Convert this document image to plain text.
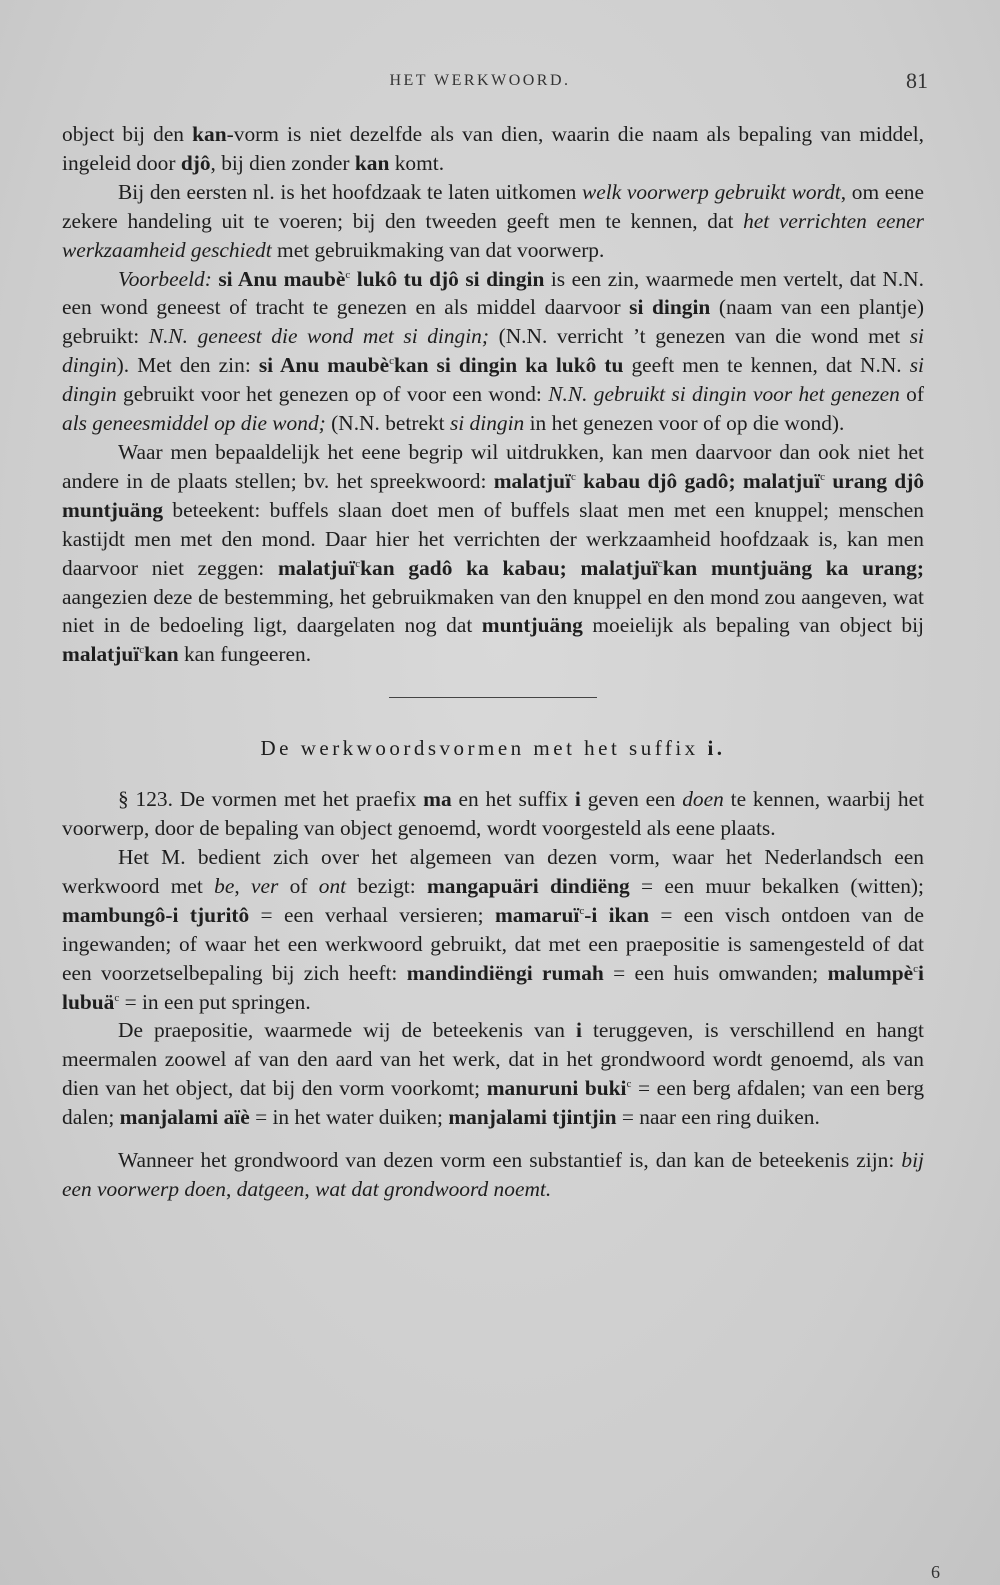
HET WERKWOORD.	81

object bij den kan-vorm is niet dezelfde als van dien, waarin die naam als bepaling van middel, ingeleid door djô, bij dien zonder kan komt.

Bij den eersten nl. is het hoofdzaak te laten uitkomen welk voorwerp gebruikt wordt, om eene zekere handeling uit te voeren; bij den tweeden geeft men te kennen, dat het verrichten eener werkzaamheid geschiedt met gebruikmaking van dat voorwerp.

Voorbeeld: si Anu maubè$^c$ lukô tu djô si dingin is een zin, waarmede men vertelt, dat N.N. een wond geneest of tracht te genezen en als middel daarvoor si dingin (naam van een plantje) gebruikt: N.N. geneest die wond met si dingin; (N.N. verricht ’t genezen van die wond met si dingin). Met den zin: si Anu maubè$^c$kan si dingin ka lukô tu geeft men te kennen, dat N.N. si dingin gebruikt voor het genezen op of voor een wond: N.N. gebruikt si dingin voor het genezen of als geneesmiddel op die wond; (N.N. betrekt si dingin in het genezen voor of op die wond).

Waar men bepaaldelijk het eene begrip wil uitdrukken, kan men daarvoor dan ook niet het andere in de plaats stellen; bv. het spreekwoord: malatjuï$^c$ kabau djô gadô; malatjuï$^c$ urang djô muntjuäng beteekent: buffels slaan doet men of buffels slaat men met een knuppel; menschen kastijdt men met den mond. Daar hier het verrichten der werkzaamheid hoofdzaak is, kan men daarvoor niet zeggen: malatjuï$^c$kan gadô ka kabau; malatjuï$^c$kan muntjuäng ka urang; aangezien deze de bestemming, het gebruikmaken van den knuppel en den mond zou aangeven, wat niet in de bedoeling ligt, daargelaten nog dat muntjuäng moeielijk als bepaling van object bij malatjuï$^c$kan kan fungeeren.

De werkwoordsvormen met het suffix i.

§ 123. De vormen met het praefix ma en het suffix i geven een doen te kennen, waarbij het voorwerp, door de bepaling van object genoemd, wordt voorgesteld als eene plaats.

Het M. bedient zich over het algemeen van dezen vorm, waar het Nederlandsch een werkwoord met be, ver of ont bezigt: mangapuäri dindiëng = een muur bekalken (witten); mambungô-i tjuritô = een verhaal versieren; mamaruï$^c$-i ikan = een visch ontdoen van de ingewanden; of waar het een werkwoord gebruikt, dat met een praepositie is samengesteld of dat een voorzetselbepaling bij zich heeft: mandindiëngi rumah = een huis omwanden; malumpè$^c$i lubuä$^c$ = in een put springen.

De praepositie, waarmede wij de beteekenis van i teruggeven, is verschillend en hangt meermalen zoowel af van den aard van het werk, dat in het grondwoord wordt genoemd, als van dien van het object, dat bij den vorm voorkomt; manuruni buki$^c$ = een berg afdalen; van een berg dalen; manjalami aïè = in het water duiken; manjalami tjintjin = naar een ring duiken.

Wanneer het grondwoord van dezen vorm een substantief is, dan kan de beteekenis zijn: bij een voorwerp doen, datgeen, wat dat grondwoord noemt.

6
